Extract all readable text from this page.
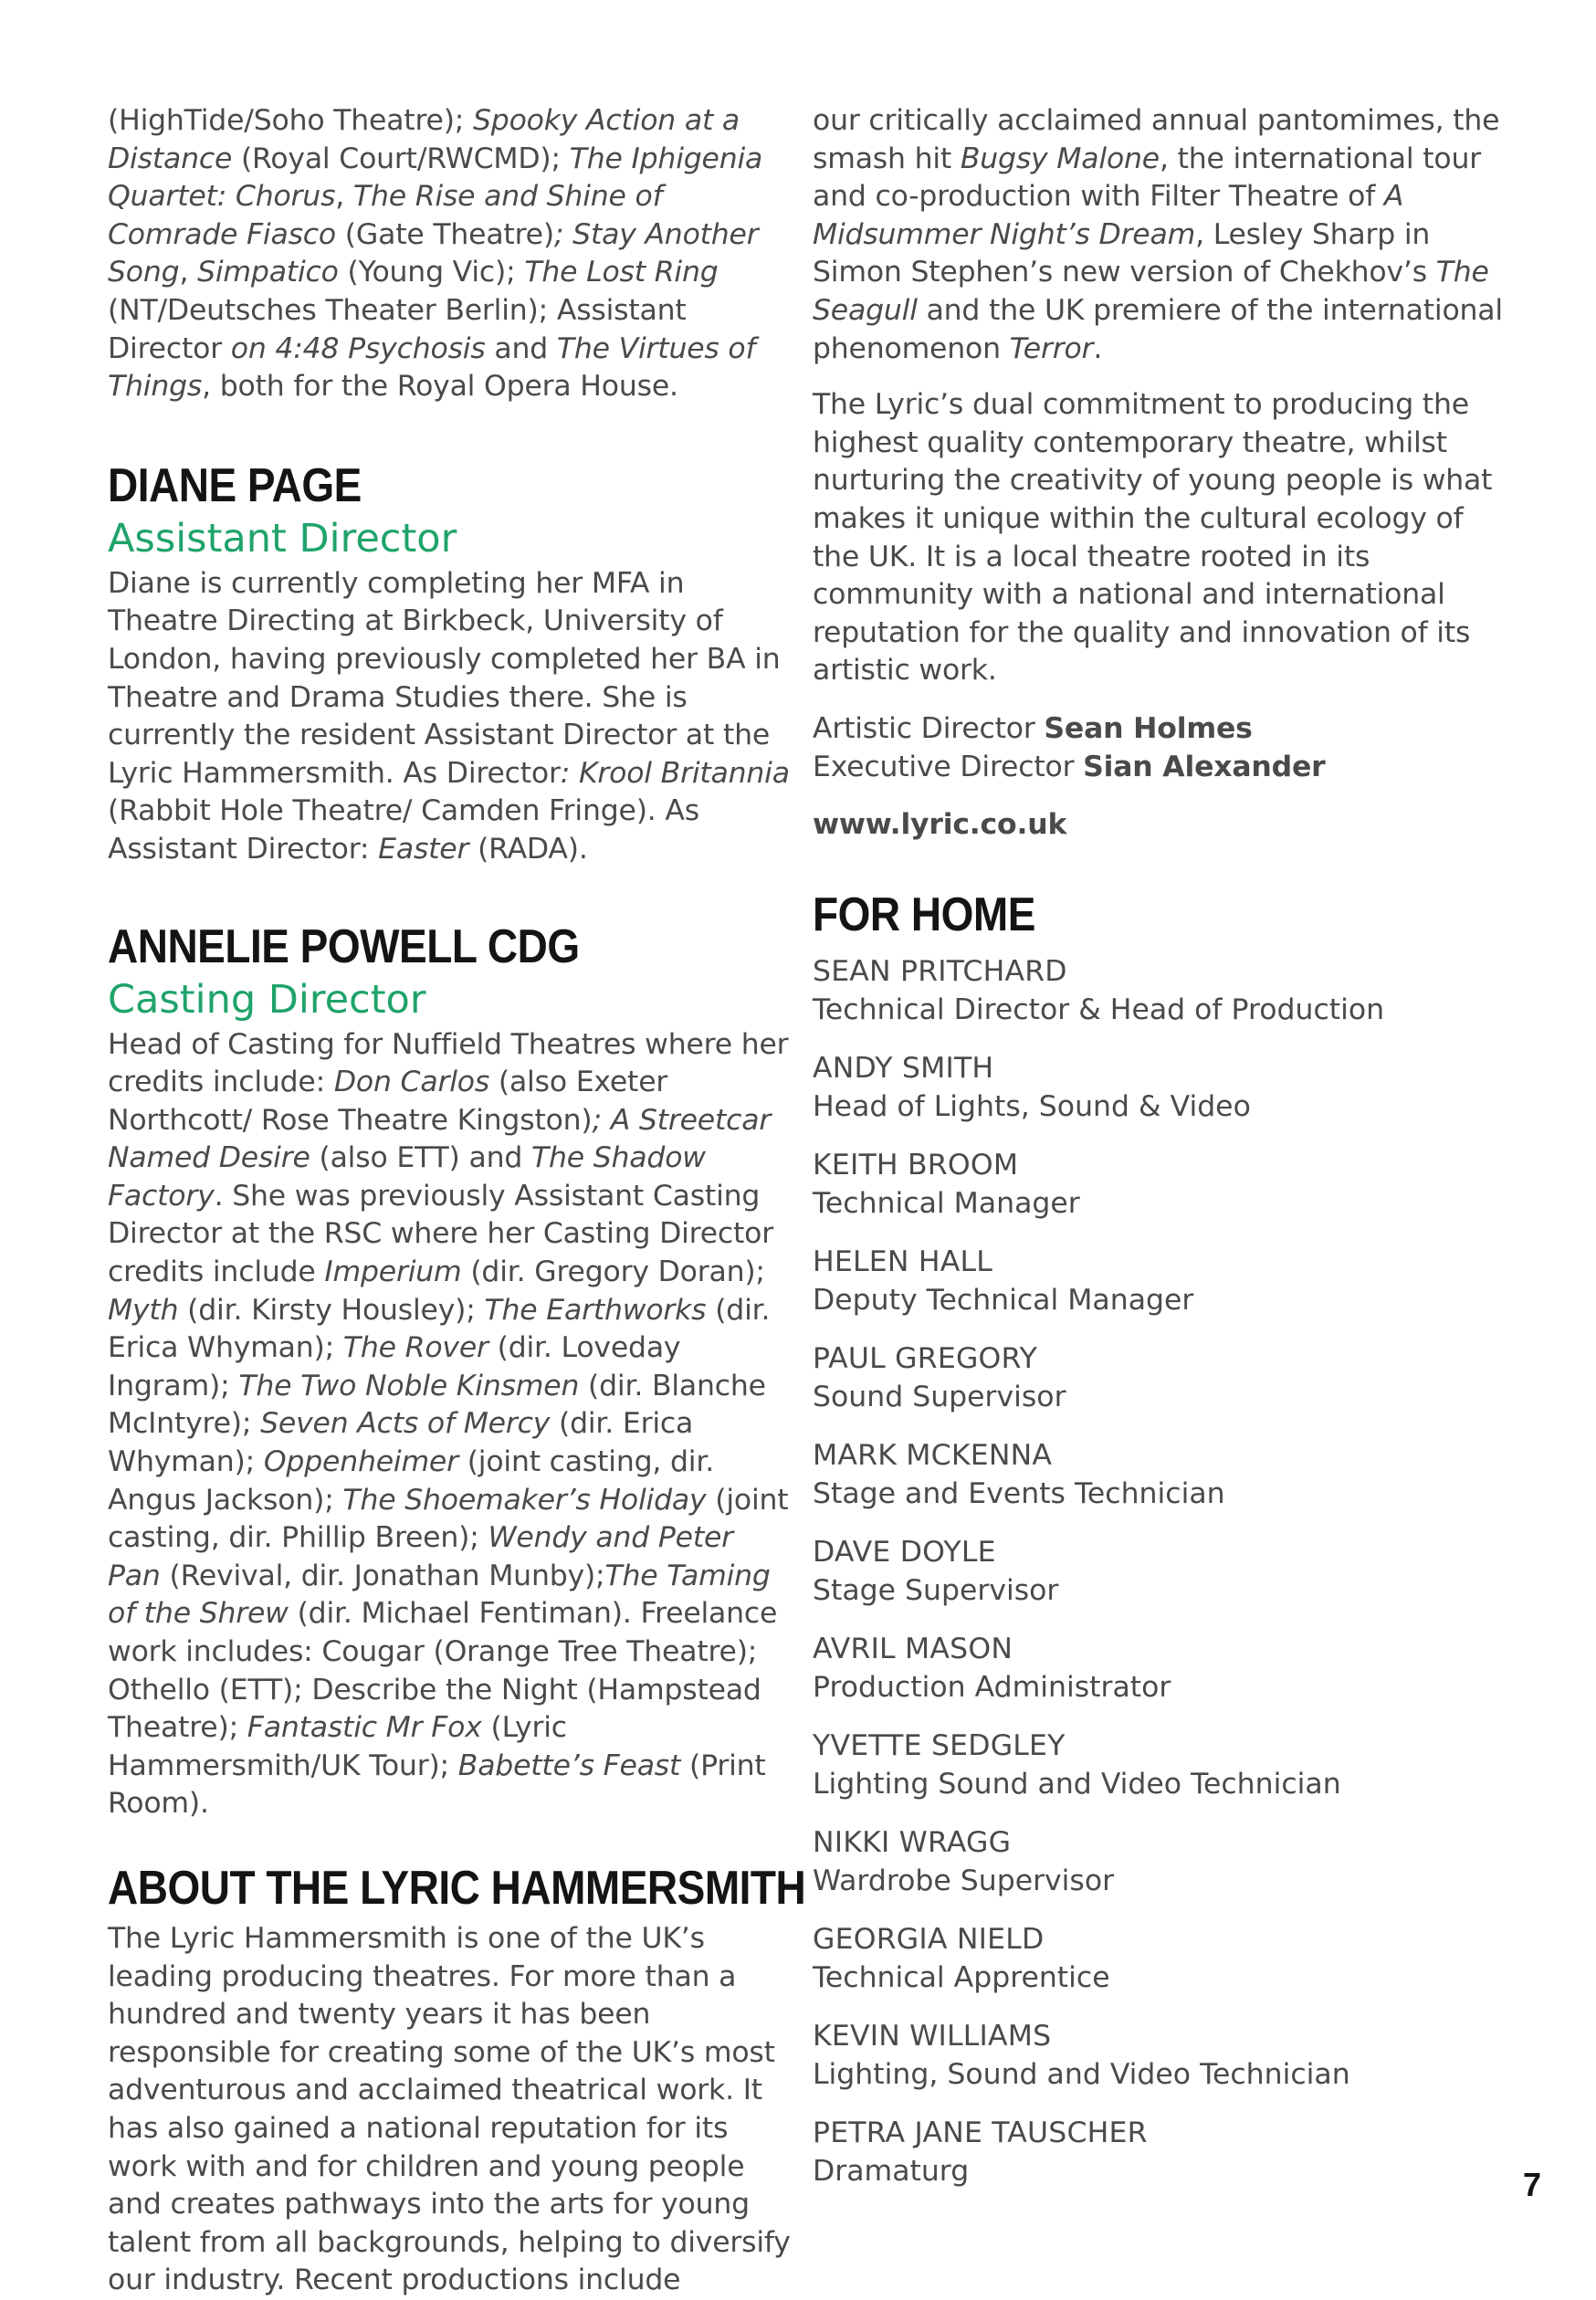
(HighTide/Soho Theatre); Spooky Action at a Distance (Royal Court/RWCMD); The Iphigenia Quartet: Chorus, The Rise and Shine of Comrade Fiasco (Gate Theatre); Stay Another Song, Simpatico (Young Vic); The Lost Ring (NT/Deutsches Theater Berlin); Assistant Director on 4:48 Psychosis and The Virtues of Things, both for the Royal Opera House.

DIANE PAGE
Assistant Director

Diane is currently completing her MFA in Theatre Directing at Birkbeck, University of London, having previously completed her BA in Theatre and Drama Studies there. She is currently the resident Assistant Director at the Lyric Hammersmith. As Director: Krool Britannia (Rabbit Hole Theatre/ Camden Fringe). As Assistant Director: Easter (RADA).

ANNELIE POWELL CDG
Casting Director

Head of Casting for Nuffield Theatres where her credits include: Don Carlos (also Exeter Northcott/ Rose Theatre Kingston); A Streetcar Named Desire (also ETT) and The Shadow Factory. She was previously Assistant Casting Director at the RSC where her Casting Director credits include Imperium (dir. Gregory Doran); Myth (dir. Kirsty Housley); The Earthworks (dir. Erica Whyman); The Rover (dir. Loveday Ingram); The Two Noble Kinsmen (dir. Blanche McIntyre); Seven Acts of Mercy (dir. Erica Whyman); Oppenheimer (joint casting, dir. Angus Jackson); The Shoemaker’s Holiday (joint casting, dir. Phillip Breen); Wendy and Peter Pan (Revival, dir. Jonathan Munby);The Taming of the Shrew (dir. Michael Fentiman). Freelance work includes: Cougar (Orange Tree Theatre); Othello (ETT); Describe the Night (Hampstead Theatre); Fantastic Mr Fox (Lyric Hammersmith/UK Tour); Babette’s Feast (Print Room).

ABOUT THE LYRIC HAMMERSMITH

The Lyric Hammersmith is one of the UK’s leading producing theatres. For more than a hundred and twenty years it has been responsible for creating some of the UK’s most adventurous and acclaimed theatrical work. It has also gained a national reputation for its work with and for children and young people and creates pathways into the arts for young talent from all backgrounds, helping to diversify our industry. Recent productions include

our critically acclaimed annual pantomimes, the smash hit Bugsy Malone, the international tour and co-production with Filter Theatre of A Midsummer Night’s Dream, Lesley Sharp in Simon Stephen’s new version of Chekhov’s The Seagull and the UK premiere of the international phenomenon Terror.

The Lyric’s dual commitment to producing the highest quality contemporary theatre, whilst nurturing the creativity of young people is what makes it unique within the cultural ecology of the UK. It is a local theatre rooted in its community with a national and international reputation for the quality and innovation of its artistic work.

Artistic Director Sean Holmes

Executive Director Sian Alexander

www.lyric.co.uk

FOR HOME
SEAN PRITCHARD
Technical Director & Head of Production
ANDY SMITH
Head of Lights, Sound & Video
KEITH BROOM
Technical Manager
HELEN HALL
Deputy Technical Manager
PAUL GREGORY
Sound Supervisor
MARK MCKENNA
Stage and Events Technician
DAVE DOYLE
Stage Supervisor
AVRIL MASON
Production Administrator
YVETTE SEDGLEY
Lighting Sound and Video Technician
NIKKI WRAGG
Wardrobe Supervisor
GEORGIA NIELD
Technical Apprentice
KEVIN WILLIAMS
Lighting, Sound and Video Technician
PETRA JANE TAUSCHER
Dramaturg	7
